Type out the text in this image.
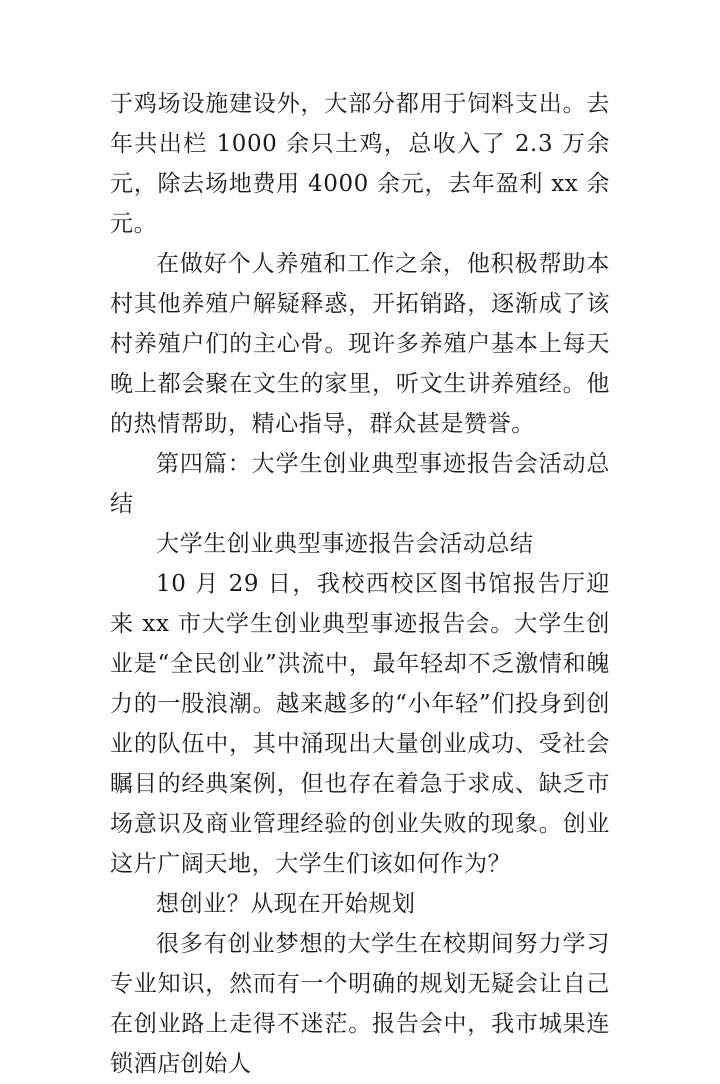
于鸡场设施建设外，大部分都用于饲料支出。去年共出栏 1000 余只土鸡，总收入了 2.3 万余元，除去场地费用 4000 余元，去年盈利 xx 余元。

在做好个人养殖和工作之余，他积极帮助本村其他养殖户解疑释惑，开拓销路，逐渐成了该村养殖户们的主心骨。现许多养殖户基本上每天晚上都会聚在文生的家里，听文生讲养殖经。他的热情帮助，精心指导，群众甚是赞誉。

第四篇：大学生创业典型事迹报告会活动总结

大学生创业典型事迹报告会活动总结

10 月 29 日，我校西校区图书馆报告厅迎来 xx 市大学生创业典型事迹报告会。大学生创业是“全民创业”洪流中，最年轻却不乏激情和魄力的一股浪潮。越来越多的“小年轻”们投身到创业的队伍中，其中涌现出大量创业成功、受社会瞩目的经典案例，但也存在着急于求成、缺乏市场意识及商业管理经验的创业失败的现象。创业这片广阔天地，大学生们该如何作为？

想创业？从现在开始规划

很多有创业梦想的大学生在校期间努力学习专业知识，然而有一个明确的规划无疑会让自己在创业路上走得不迷茫。报告会中，我市城果连锁酒店创始人
